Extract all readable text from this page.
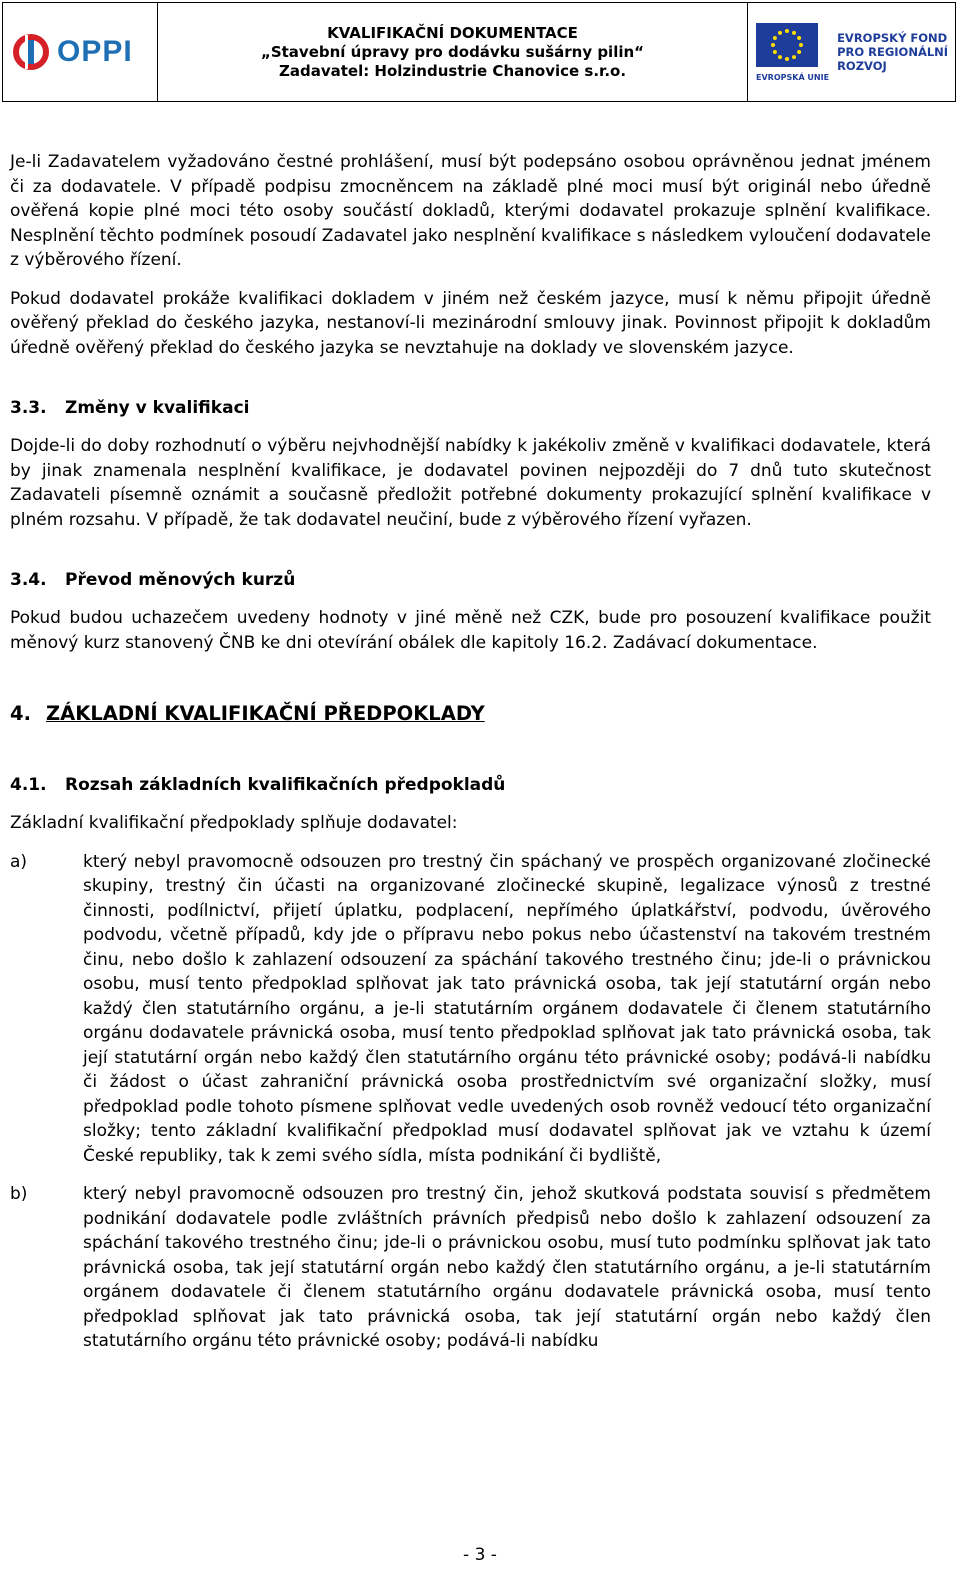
OPPI
KVALIFIKAČNÍ DOKUMENTACE
„Stavební úpravy pro dodávku sušárny pilin“
Zadavatel: Holzindustrie Chanovice s.r.o.	EVROPSKÁ UNIE
EVROPSKÝ FOND
PRO REGIONÁLNÍ
ROZVOJ

Je-li Zadavatelem vyžadováno čestné prohlášení, musí být podepsáno osobou oprávněnou jednat jménem či za dodavatele. V případě podpisu zmocněncem na základě plné moci musí být originál nebo úředně ověřená kopie plné moci této osoby součástí dokladů, kterými dodavatel prokazuje splnění kvalifikace. Nesplnění těchto podmínek posoudí Zadavatel jako nesplnění kvalifikace s následkem vyloučení dodavatele z výběrového řízení.

Pokud dodavatel prokáže kvalifikaci dokladem v jiném než českém jazyce, musí k němu připojit úředně ověřený překlad do českého jazyka, nestanoví-li mezinárodní smlouvy jinak. Povinnost připojit k dokladům úředně ověřený překlad do českého jazyka se nevztahuje na doklady ve slovenském jazyce.

3.3. Změny v kvalifikaci

Dojde-li do doby rozhodnutí o výběru nejvhodnější nabídky k jakékoliv změně v kvalifikaci dodavatele, která by jinak znamenala nesplnění kvalifikace, je dodavatel povinen nejpozději do 7 dnů tuto skutečnost Zadavateli písemně oznámit a současně předložit potřebné dokumenty prokazující splnění kvalifikace v plném rozsahu. V případě, že tak dodavatel neučiní, bude z výběrového řízení vyřazen.

3.4. Převod měnových kurzů

Pokud budou uchazečem uvedeny hodnoty v jiné měně než CZK, bude pro posouzení kvalifikace použit měnový kurz stanovený ČNB ke dni otevírání obálek dle kapitoly 16.2. Zadávací dokumentace.

4. ZÁKLADNÍ KVALIFIKAČNÍ PŘEDPOKLADY
4.1. Rozsah základních kvalifikačních předpokladů

Základní kvalifikační předpoklady splňuje dodavatel:

a)	který nebyl pravomocně odsouzen pro trestný čin spáchaný ve prospěch organizované zločinecké skupiny, trestný čin účasti na organizované zločinecké skupině, legalizace výnosů z trestné činnosti, podílnictví, přijetí úplatku, podplacení, nepřímého úplatkářství, podvodu, úvěrového podvodu, včetně případů, kdy jde o přípravu nebo pokus nebo účastenství na takovém trestném činu, nebo došlo k zahlazení odsouzení za spáchání takového trestného činu; jde-li o právnickou osobu, musí tento předpoklad splňovat jak tato právnická osoba, tak její statutární orgán nebo každý člen statutárního orgánu, a je-li statutárním orgánem dodavatele či členem statutárního orgánu dodavatele právnická osoba, musí tento předpoklad splňovat jak tato právnická osoba, tak její statutární orgán nebo každý člen statutárního orgánu této právnické osoby; podává-li nabídku či žádost o účast zahraniční právnická osoba prostřednictvím své organizační složky, musí předpoklad podle tohoto písmene splňovat vedle uvedených osob rovněž vedoucí této organizační složky; tento základní kvalifikační předpoklad musí dodavatel splňovat jak ve vztahu k území České republiky, tak k zemi svého sídla, místa podnikání či bydliště,

b)	který nebyl pravomocně odsouzen pro trestný čin, jehož skutková podstata souvisí s předmětem podnikání dodavatele podle zvláštních právních předpisů nebo došlo k zahlazení odsouzení za spáchání takového trestného činu; jde-li o právnickou osobu, musí tuto podmínku splňovat jak tato právnická osoba, tak její statutární orgán nebo každý člen statutárního orgánu, a je-li statutárním orgánem dodavatele či členem statutárního orgánu dodavatele právnická osoba, musí tento předpoklad splňovat jak tato právnická osoba, tak její statutární orgán nebo každý člen statutárního orgánu této právnické osoby; podává-li nabídku

- 3 -
